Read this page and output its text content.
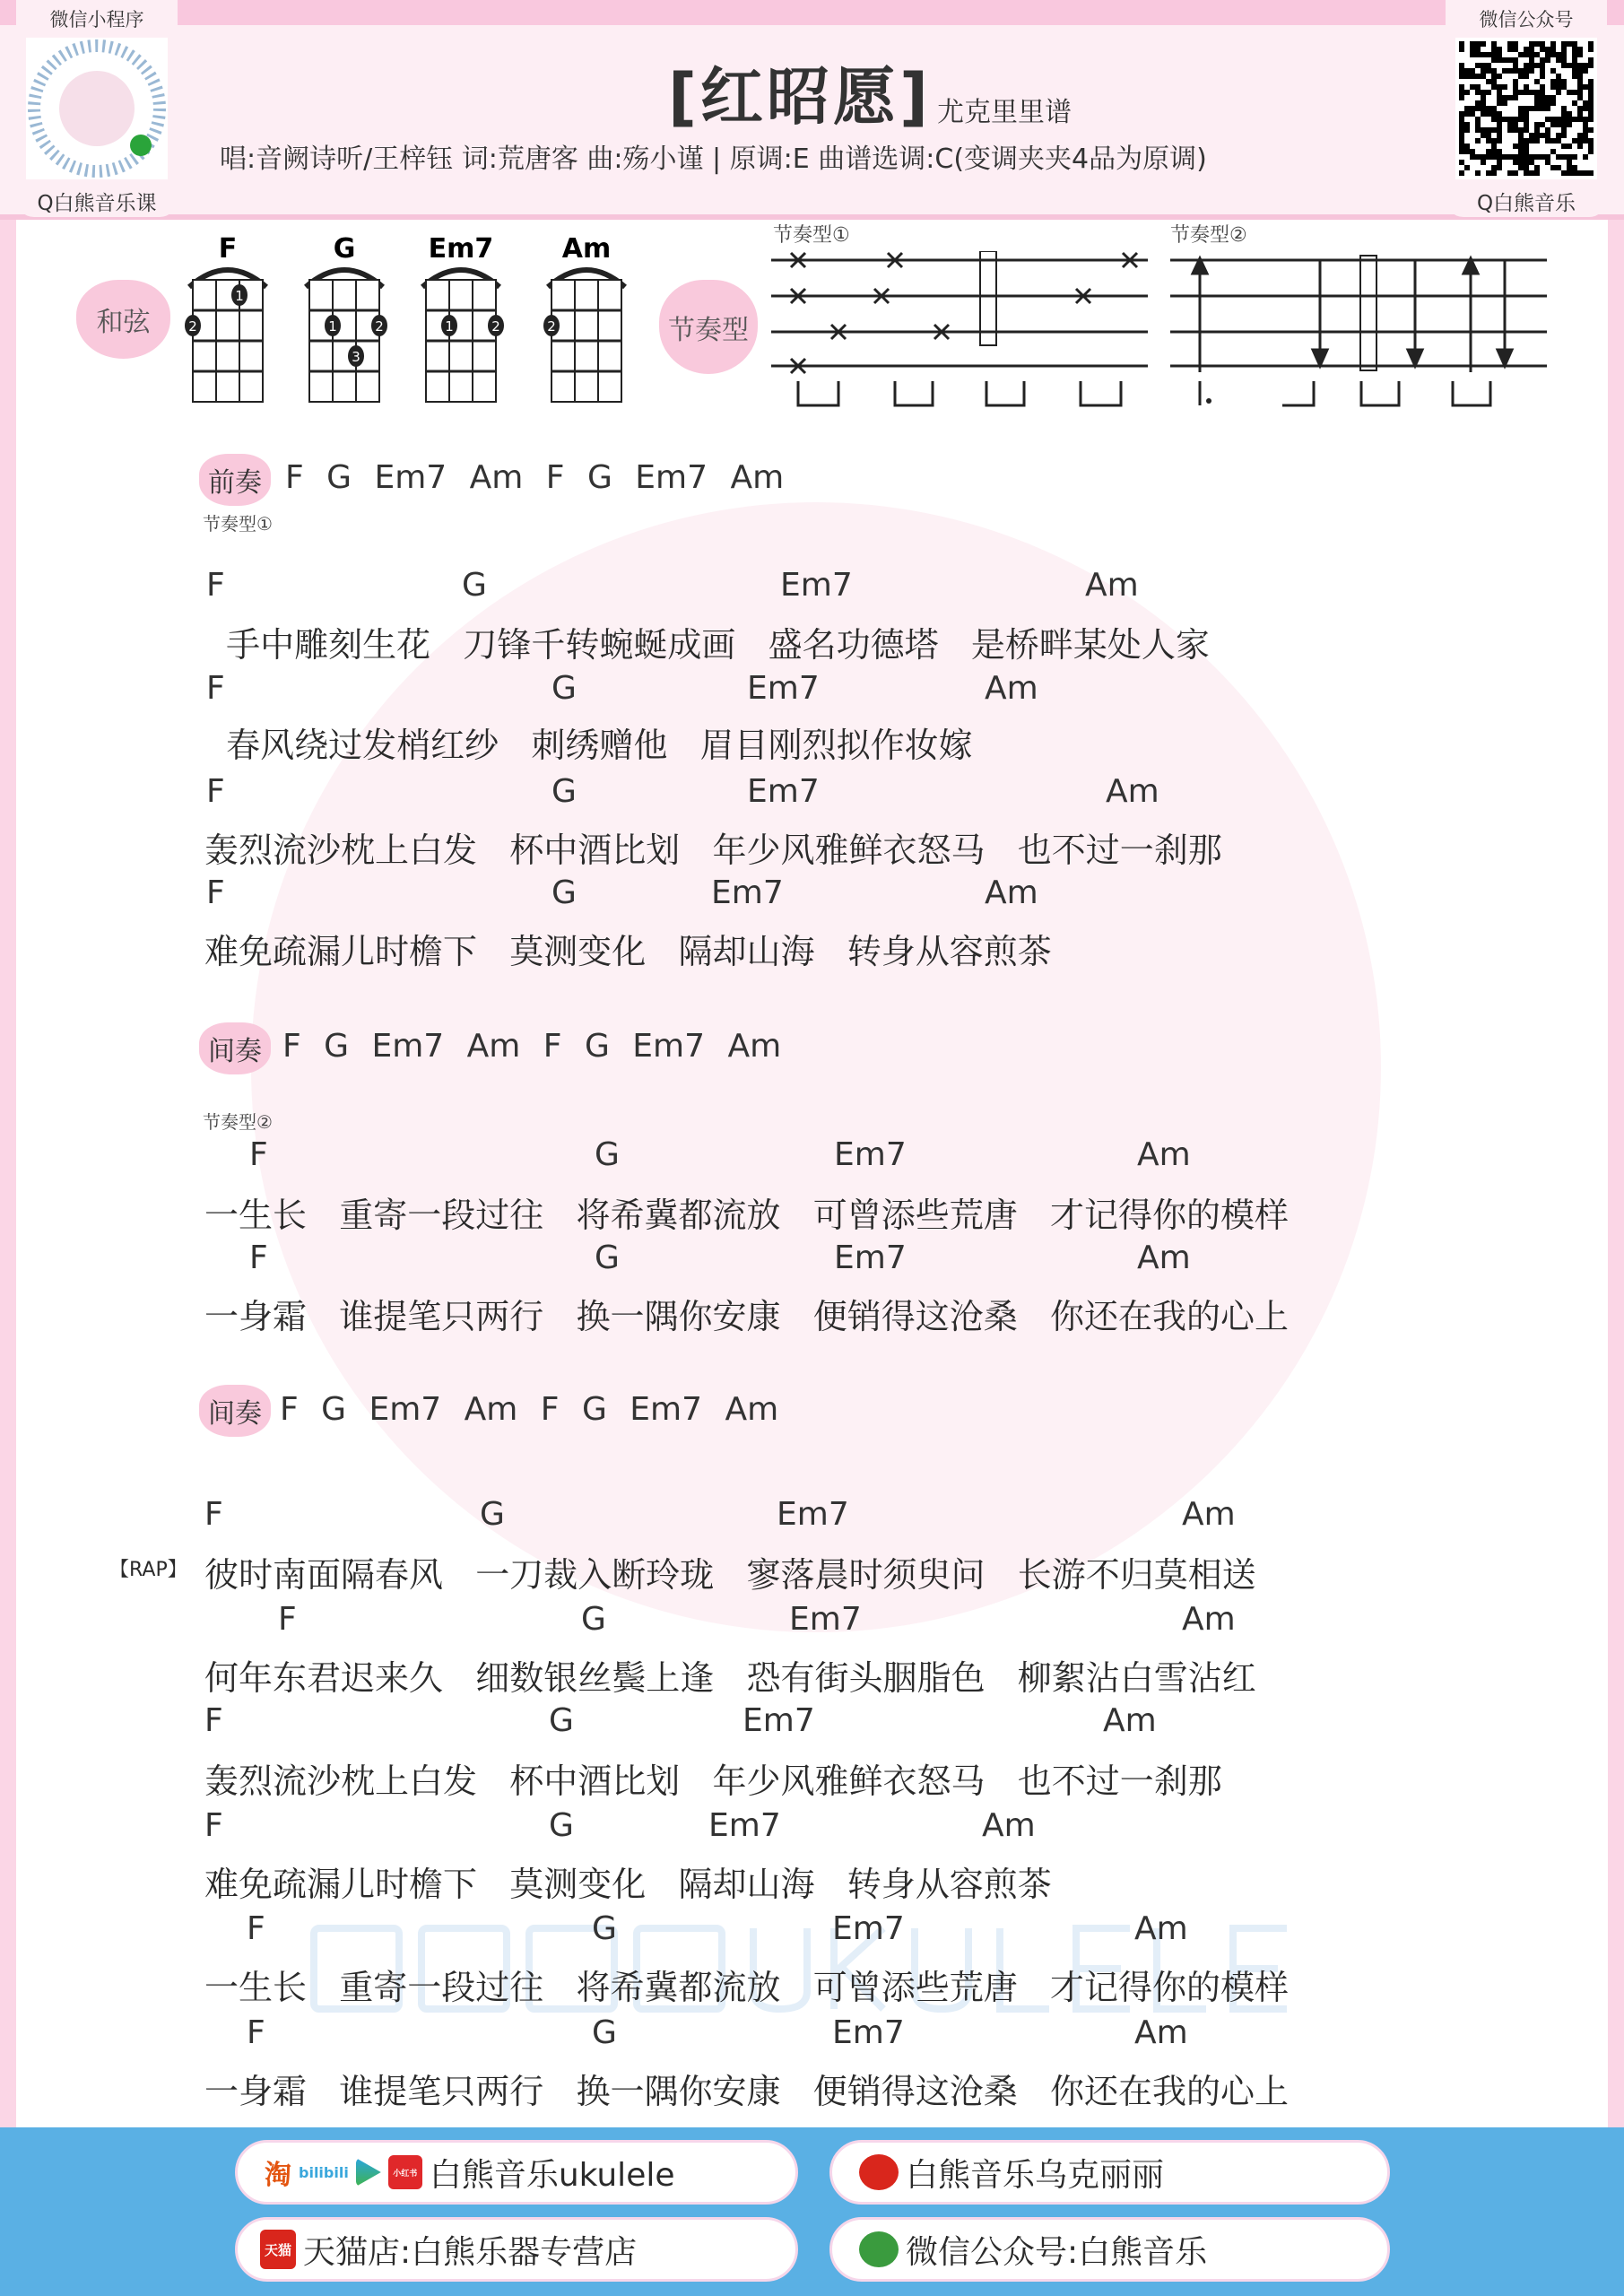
微信小程序
Q白熊音乐课
微信公众号
Q白熊音乐
[红昭愿] 尤克里里谱
唱:音阙诗听/王梓钰 词:荒唐客 曲:殇小谨 | 原调:E 曲谱选调:C(变调夹夹4品为原调)
和弦
F
2
1
G
1	2
3
Em7
1	2
Am
2	节奏型
节奏型①	节奏型②
前奏 F G Em7 Am F G Em7 Am
节奏型①
间奏 F G Em7 Am F G Em7 Am
节奏型②
间奏 F G Em7 Am F G Em7 Am
F	G	Em7	Am
手中雕刻生花   刀锋千转蜿蜒成画   盛名功德塔   是桥畔某处人家
F	G	Em7	Am
春风绕过发梢红纱   刺绣赠他   眉目刚烈拟作妆嫁
F	G	Em7	Am
轰烈流沙枕上白发   杯中酒比划   年少风雅鲜衣怒马   也不过一刹那
F	G	Em7	Am
难免疏漏儿时檐下   莫测变化   隔却山海   转身从容煎茶
F	G	Em7	Am
一生长   重寄一段过往   将希冀都流放   可曾添些荒唐   才记得你的模样
F	G	Em7	Am
一身霜   谁提笔只两行   换一隅你安康   便销得这沧桑   你还在我的心上
F	G	Em7	Am
【RAP】 彼时南面隔春风   一刀裁入断玲珑   寥落晨时须臾问   长游不归莫相送
F	G	Em7	Am
何年东君迟来久   细数银丝鬓上逢   恐有街头胭脂色   柳絮沾白雪沾红
F	G	Em7	Am
轰烈流沙枕上白发   杯中酒比划   年少风雅鲜衣怒马   也不过一刹那
F	G	Em7	Am
难免疏漏儿时檐下   莫测变化   隔却山海   转身从容煎茶
F	G	Em7	Am
一生长   重寄一段过往   将希冀都流放   可曾添些荒唐   才记得你的模样
F	G	Em7	Am
一身霜   谁提笔只两行   换一隅你安康   便销得这沧桑   你还在我的心上
淘 bilibili	小红书 白熊音乐ukulele	白熊音乐乌克丽丽
天猫 天猫店:白熊乐器专营店	微信公众号:白熊音乐
